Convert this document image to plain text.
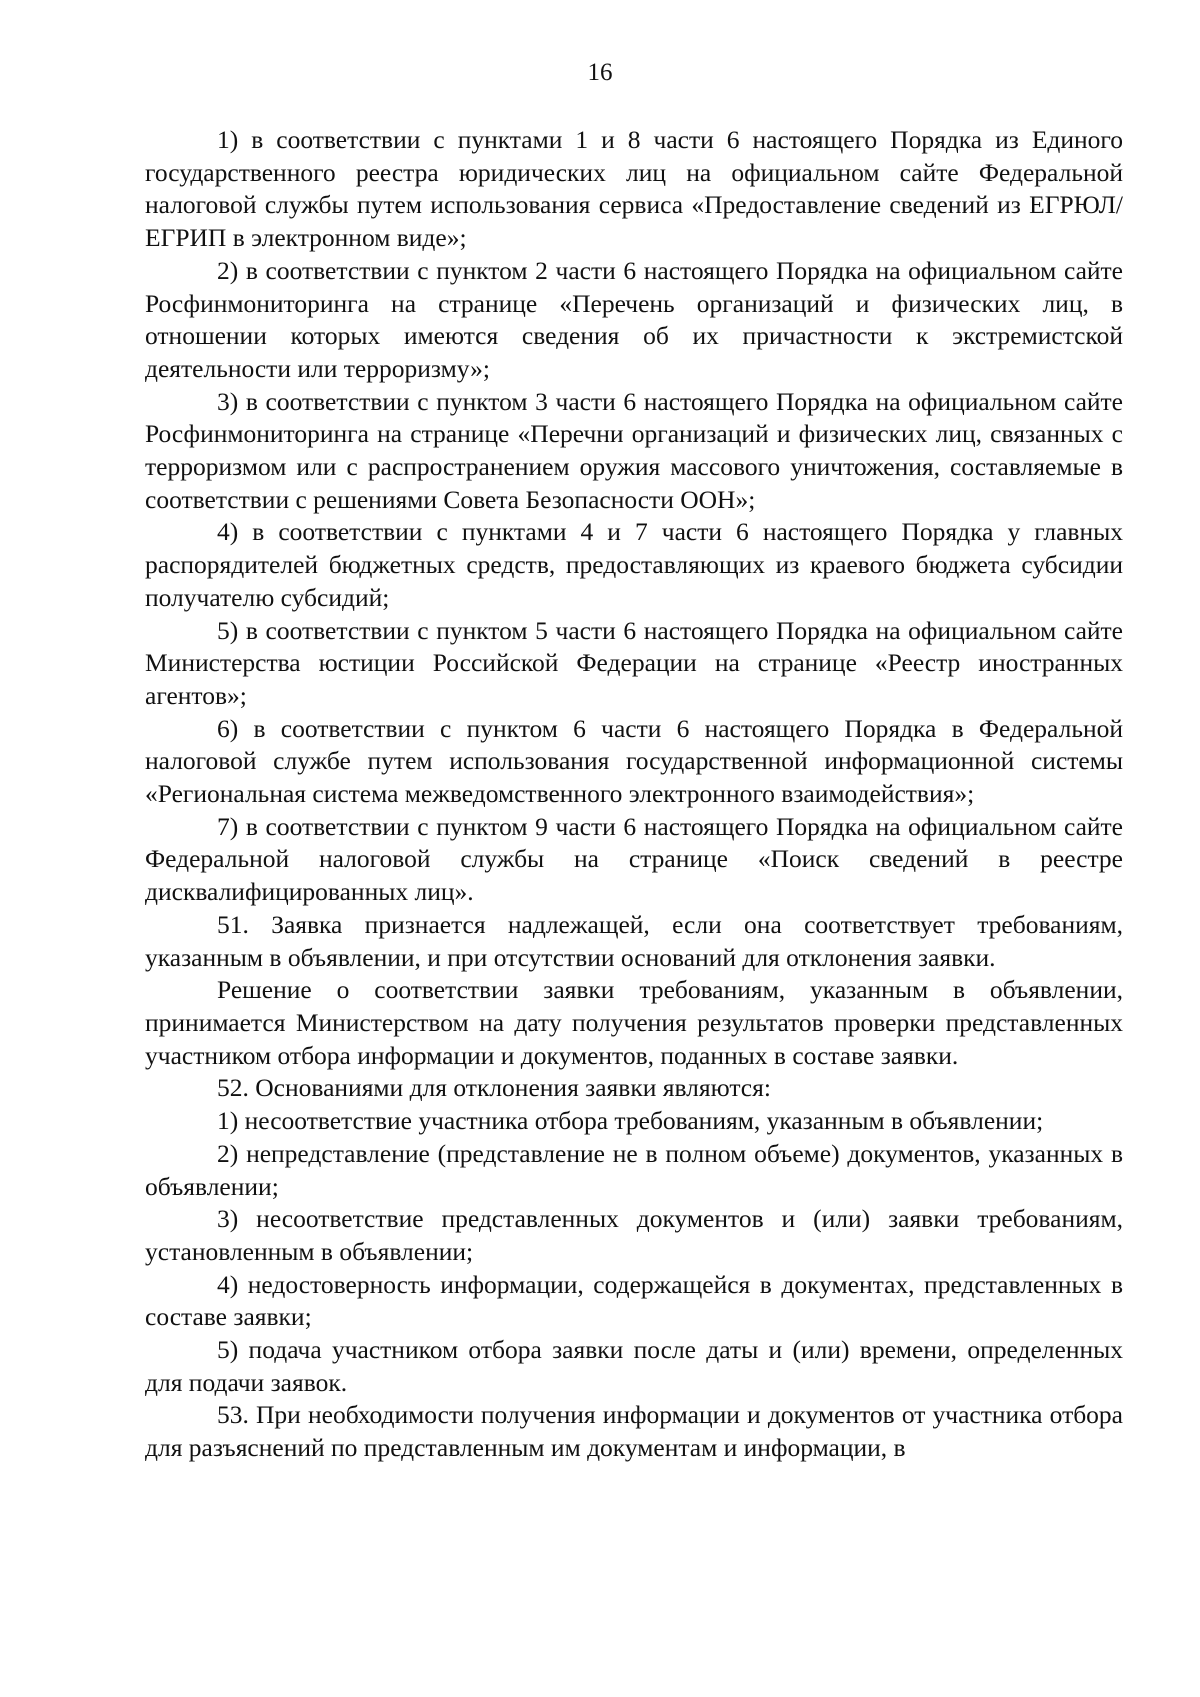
16

1) в соответствии с пунктами 1 и 8 части 6 настоящего Порядка из Единого государственного реестра юридических лиц на официальном сайте Федеральной налоговой службы путем использования сервиса «Предоставление сведений из ЕГРЮЛ/ЕГРИП в электронном виде»;

2) в соответствии с пунктом 2 части 6 настоящего Порядка на официальном сайте Росфинмониторинга на странице «Перечень организаций и физических лиц, в отношении которых имеются сведения об их причастности к экстремистской деятельности или терроризму»;

3) в соответствии с пунктом 3 части 6 настоящего Порядка на официальном сайте Росфинмониторинга на странице «Перечни организаций и физических лиц, связанных с терроризмом или с распространением оружия массового уничтожения, составляемые в соответствии с решениями Совета Безопасности ООН»;

4) в соответствии с пунктами 4 и 7 части 6 настоящего Порядка у главных распорядителей бюджетных средств, предоставляющих из краевого бюджета субсидии получателю субсидий;

5) в соответствии с пунктом 5 части 6 настоящего Порядка на официальном сайте Министерства юстиции Российской Федерации на странице «Реестр иностранных агентов»;

6) в соответствии с пунктом 6 части 6 настоящего Порядка в Федеральной налоговой службе путем использования государственной информационной системы «Региональная система межведомственного электронного взаимодействия»;

7) в соответствии с пунктом 9 части 6 настоящего Порядка на официальном сайте Федеральной налоговой службы на странице «Поиск сведений в реестре дисквалифицированных лиц».

51. Заявка признается надлежащей, если она соответствует требованиям, указанным в объявлении, и при отсутствии оснований для отклонения заявки.

Решение о соответствии заявки требованиям, указанным в объявлении, принимается Министерством на дату получения результатов проверки представленных участником отбора информации и документов, поданных в составе заявки.

52. Основаниями для отклонения заявки являются:

1) несоответствие участника отбора требованиям, указанным в объявлении;

2) непредставление (представление не в полном объеме) документов, указанных в объявлении;

3) несоответствие представленных документов и (или) заявки требованиям, установленным в объявлении;

4) недостоверность информации, содержащейся в документах, представленных в составе заявки;

5) подача участником отбора заявки после даты и (или) времени, определенных для подачи заявок.

53. При необходимости получения информации и документов от участника отбора для разъяснений по представленным им документам и информации, в
